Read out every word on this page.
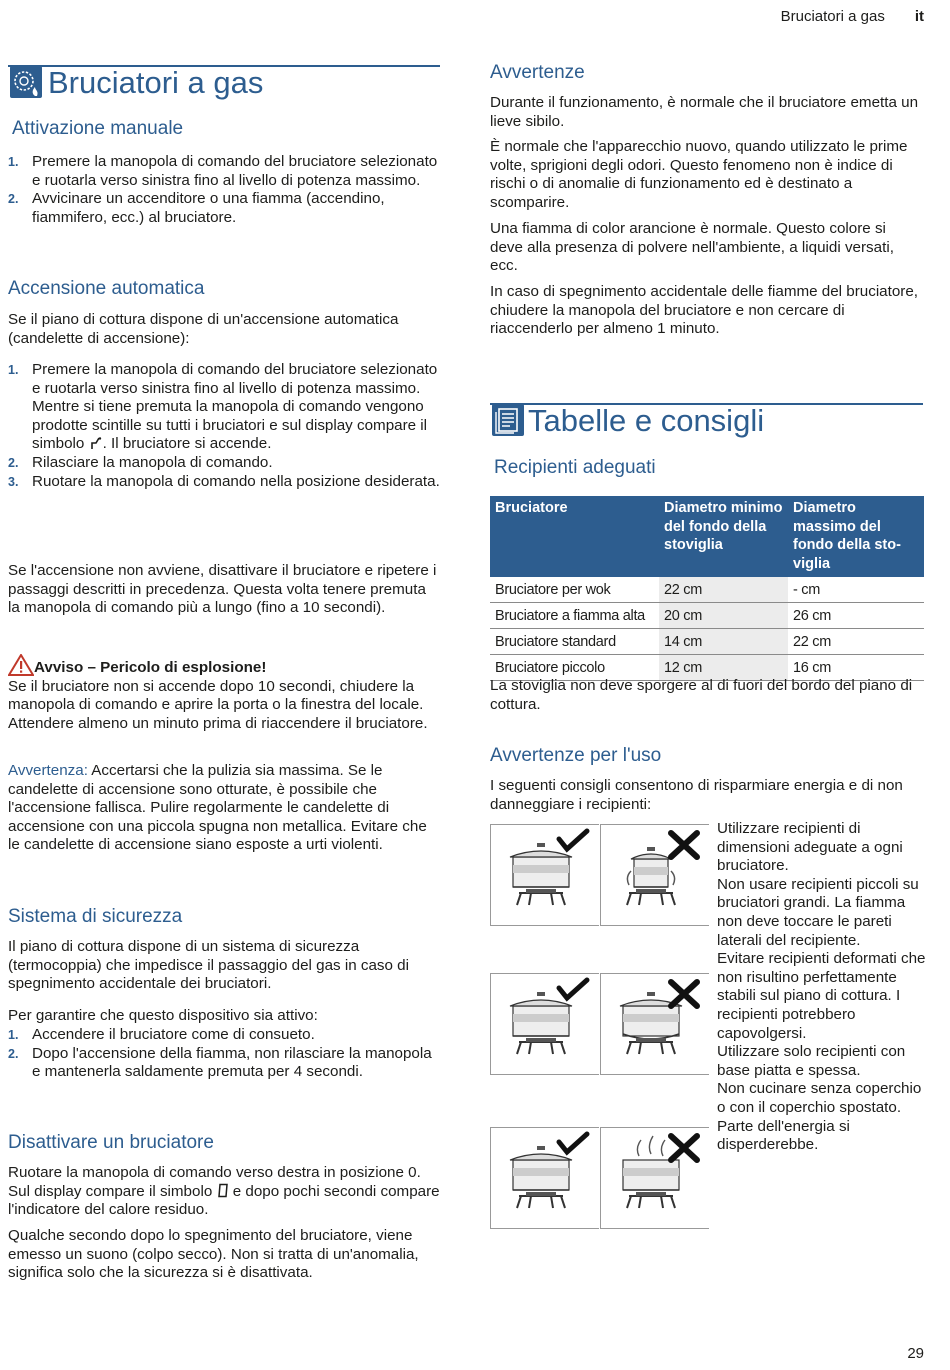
Bruciatori a gas it
Bruciatori a gas
Attivazione manuale
1. Premere la manopola di comando del bruciatore selezionato e ruotarla verso sinistra fino al livello di potenza massimo.
2. Avvicinare un accenditore o una fiamma (accendino, fiammifero, ecc.) al bruciatore.
Accensione automatica

Se il piano di cottura dispone di un'accensione automatica (candelette di accensione):

1. Premere la manopola di comando del bruciatore selezionato e ruotarla verso sinistra fino al livello di potenza massimo.
Mentre si tiene premuta la manopola di comando vengono prodotte scintille su tutti i bruciatori e sul display compare il simbolo . Il bruciatore si accende.
2. Rilasciare la manopola di comando.
3. Ruotare la manopola di comando nella posizione desiderata.

Se l'accensione non avviene, disattivare il bruciatore e ripetere i passaggi descritti in precedenza. Questa volta tenere premuta la manopola di comando più a lungo (fino a 10 secondi).

Avviso – Pericolo di esplosione!

Se il bruciatore non si accende dopo 10 secondi, chiudere la manopola di comando e aprire la porta o la finestra del locale. Attendere almeno un minuto prima di riaccendere il bruciatore.

Avvertenza: Accertarsi che la pulizia sia massima. Se le candelette di accensione sono otturate, è possibile che l'accensione fallisca. Pulire regolarmente le candelette di accensione con una piccola spugna non metallica. Evitare che le candelette di accensione siano esposte a urti violenti.

Sistema di sicurezza

Il piano di cottura dispone di un sistema di sicurezza (termocoppia) che impedisce il passaggio del gas in caso di spegnimento accidentale dei bruciatori.

Per garantire che questo dispositivo sia attivo:

1. Accendere il bruciatore come di consueto.
2. Dopo l'accensione della fiamma, non rilasciare la manopola e mantenerla saldamente premuta per 4 secondi.
Disattivare un bruciatore

Ruotare la manopola di comando verso destra in posizione 0. Sul display compare il simbolo  e dopo pochi secondi compare l'indicatore del calore residuo.

Qualche secondo dopo lo spegnimento del bruciatore, viene emesso un suono (colpo secco). Non si tratta di un'anomalia, significa solo che la sicurezza si è disattivata.

Avvertenze

Durante il funzionamento, è normale che il bruciatore emetta un lieve sibilo.

È normale che l'apparecchio nuovo, quando utilizzato le prime volte, sprigioni degli odori. Questo fenomeno non è indice di rischi o di anomalie di funzionamento ed è destinato a scomparire.

Una fiamma di color arancione è normale. Questo colore si deve alla presenza di polvere nell'ambiente, a liquidi versati, ecc.

In caso di spegnimento accidentale delle fiamme del bruciatore, chiudere la manopola del bruciatore e non cercare di riaccenderlo per almeno 1 minuto.

Tabelle e consigli
Recipienti adeguati
Bruciatore	Diametro minimo del fondo della stoviglia	Diametro massimo del fondo della sto-viglia
Bruciatore per wok	22 cm	- cm
Bruciatore a fiamma alta	20 cm	26 cm
Bruciatore standard	14 cm	22 cm
Bruciatore piccolo	12 cm	16 cm

La stoviglia non deve sporgere al di fuori del bordo del piano di cottura.

Avvertenze per l'uso

I seguenti consigli consentono di risparmiare energia e di non danneggiare i recipienti:

Utilizzare recipienti di dimensioni adeguate a ogni bruciatore.
Non usare recipienti piccoli su bruciatori grandi. La fiamma non deve toccare le pareti laterali del recipiente.
Evitare recipienti deformati che non risultino perfettamente stabili sul piano di cottura. I recipienti potrebbero capovolgersi.
Utilizzare solo recipienti con base piatta e spessa.
Non cucinare senza coperchio o con il coperchio spostato. Parte dell'energia si disperderebbe.

29
